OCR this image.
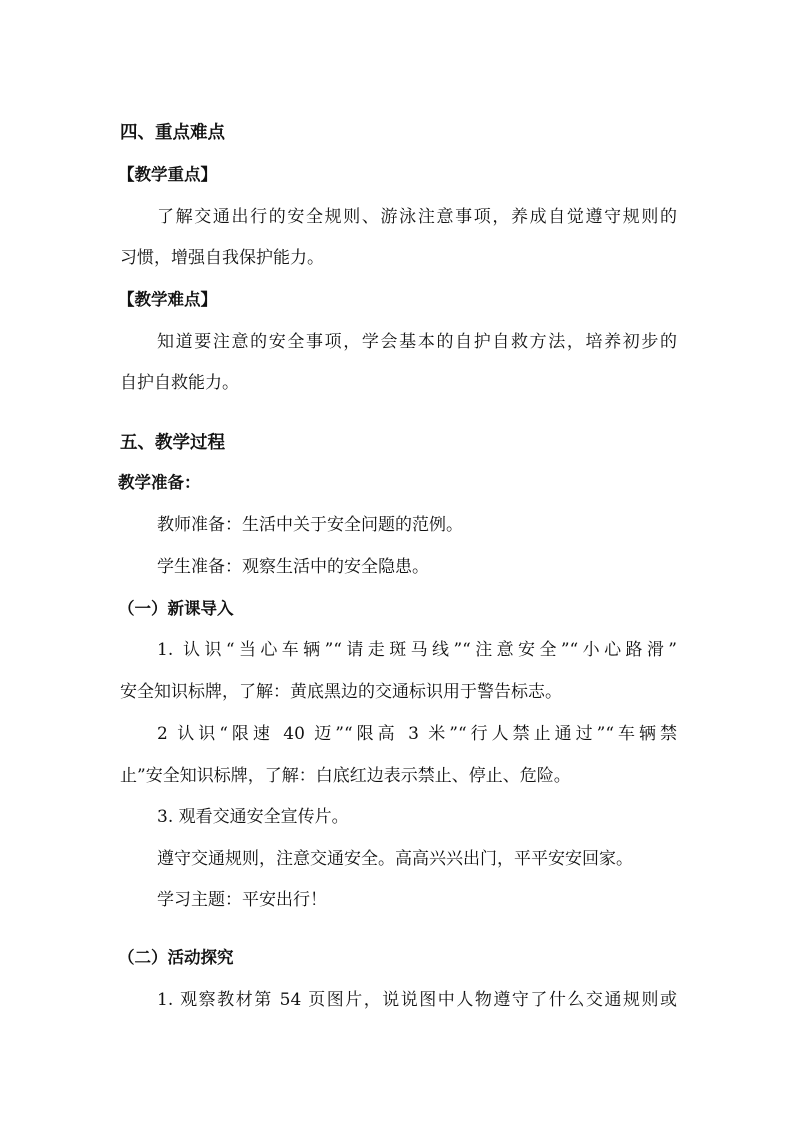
四、重点难点
【教学重点】
了解交通出行的安全规则、游泳注意事项，养成自觉遵守规则的
习惯，增强自我保护能力。
【教学难点】
知道要注意的安全事项，学会基本的自护自救方法，培养初步的
自护自救能力。
五、教学过程
教学准备：
教师准备：生活中关于安全问题的范例。
学生准备：观察生活中的安全隐患。
（一）新课导入
1. 认识“当心车辆”“请走斑马线”“注意安全”“小心路滑”
安全知识标牌，了解：黄底黑边的交通标识用于警告标志。
2 认识“限速 40 迈”“限高 3 米”“行人禁止通过”“车辆禁
止”安全知识标牌，了解：白底红边表示禁止、停止、危险。
3. 观看交通安全宣传片。
遵守交通规则，注意交通安全。高高兴兴出门，平平安安回家。
学习主题：平安出行！
（二）活动探究
1. 观察教材第 54 页图片，说说图中人物遵守了什么交通规则或
